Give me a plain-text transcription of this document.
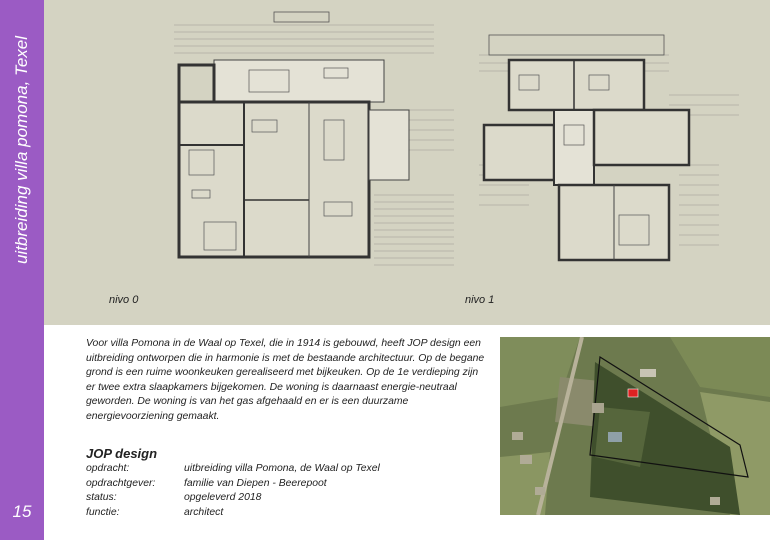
uitbreiding villa pomona, Texel
15
nivo 0	nivo 1

Voor villa Pomona in de Waal op Texel, die in 1914 is gebouwd, heeft JOP design een uitbreiding ontworpen die in harmonie is met de bestaande architectuur. Op de begane grond is een ruime woonkeuken gerealiseerd met bijkeuken. Op de 1e verdieping zijn er twee extra slaapkamers bijgekomen. De woning is daarnaast energie-neutraal geworden. De woning is van het gas afgehaald en er is een duurzame energievoorziening gemaakt.

JOP design
opdracht:	uitbreiding villa Pomona, de Waal op Texel
opdrachtgever:	familie van Diepen - Beerepoot
status:	opgeleverd 2018
functie:	architect
